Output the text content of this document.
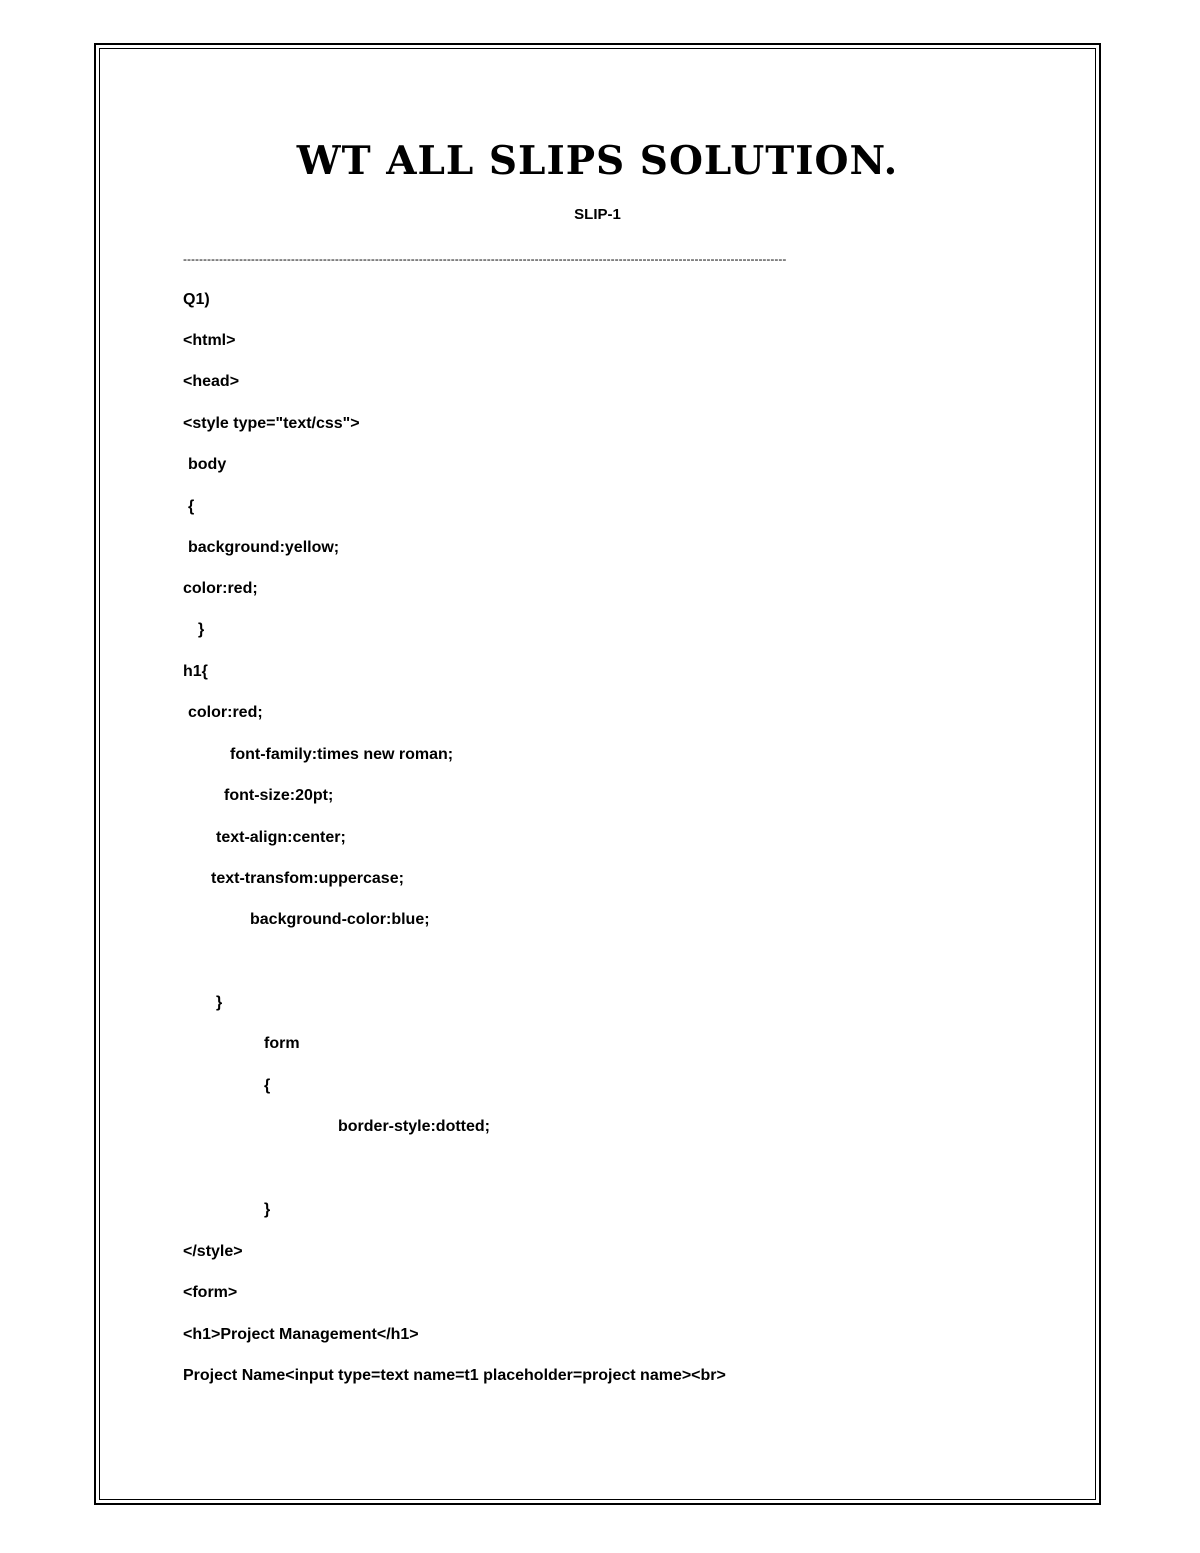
WT ALL SLIPS SOLUTION.
SLIP-1
-------------------------------------------------------------------------------------------------------------------------------------------------------
Q1)
<html>
<head>
<style type="text/css">
body
{
background:yellow;
color:red;
}
h1{
color:red;
font-family:times new roman;
font-size:20pt;
text-align:center;
text-transfom:uppercase;
background-color:blue;
}
form
{
border-style:dotted;
}
</style>
<form>
<h1>Project Management</h1>
Project Name<input type=text name=t1 placeholder=project name><br>
